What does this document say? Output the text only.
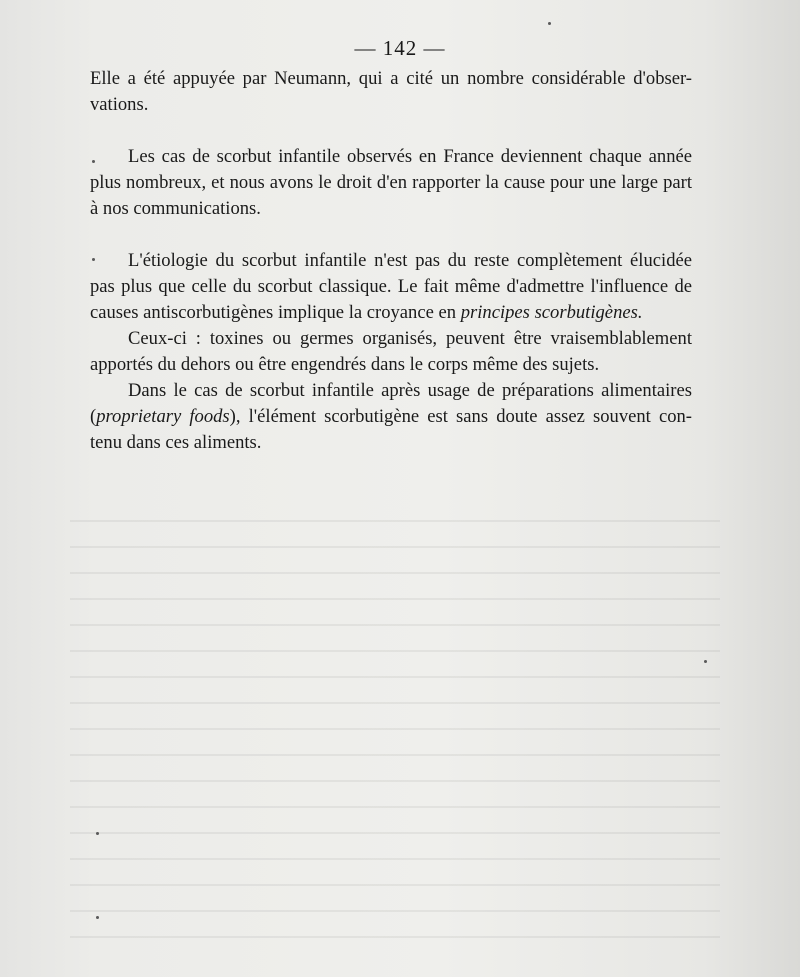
— 142 —

Elle a été appuyée par Neumann, qui a cité un nombre considérable d'obser-vations.

Les cas de scorbut infantile observés en France deviennent chaque année plus nombreux, et nous avons le droit d'en rapporter la cause pour une large part à nos communications.

L'étiologie du scorbut infantile n'est pas du reste complètement élucidée pas plus que celle du scorbut classique. Le fait même d'admettre l'influence de causes antiscorbutigènes implique la croyance en principes scorbutigènes.

Ceux-ci : toxines ou germes organisés, peuvent être vraisemblablement apportés du dehors ou être engendrés dans le corps même des sujets.

Dans le cas de scorbut infantile après usage de préparations alimentaires (proprietary foods), l'élément scorbutigène est sans doute assez souvent con-tenu dans ces aliments.
